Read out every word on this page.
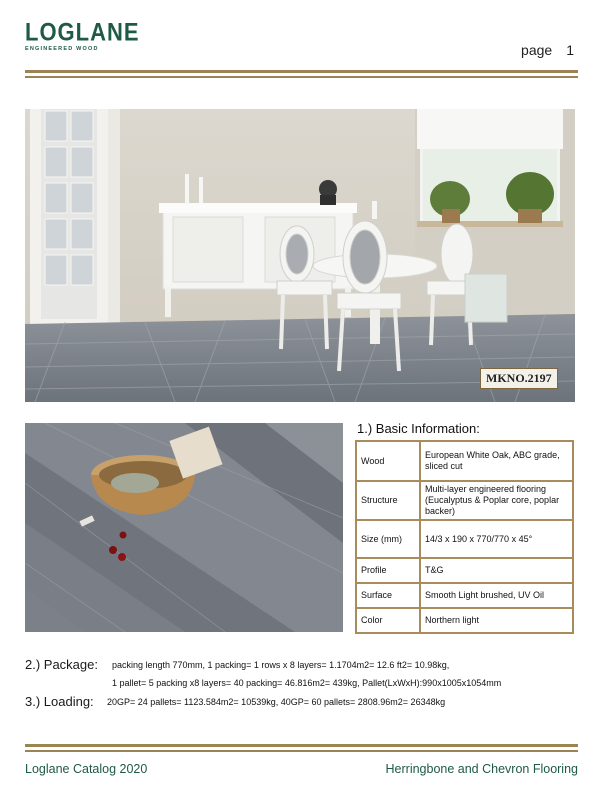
LOGLANE
ENGINEERED WOOD	page 1
MKNO.2197
1.) Basic Information:
Wood	European White Oak, ABC grade, sliced cut
Structure	Multi-layer engineered flooring (Eucalyptus & Poplar core, poplar backer)
Size (mm)	14/3 x 190 x 770/770 x 45°
Profile	T&G
Surface	Smooth Light brushed, UV Oil
Color	Northern light
2.) Package: packing length 770mm, 1 packing= 1 rows x 8 layers= 1.1704m2= 12.6 ft2= 10.98kg,
1 pallet= 5 packing x8 layers= 40 packing= 46.816m2= 439kg, Pallet(LxWxH):990x1005x1054mm
3.) Loading: 20GP= 24 pallets= 1123.584m2= 10539kg, 40GP= 60 pallets= 2808.96m2= 26348kg
Loglane Catalog 2020	Herringbone and Chevron Flooring
